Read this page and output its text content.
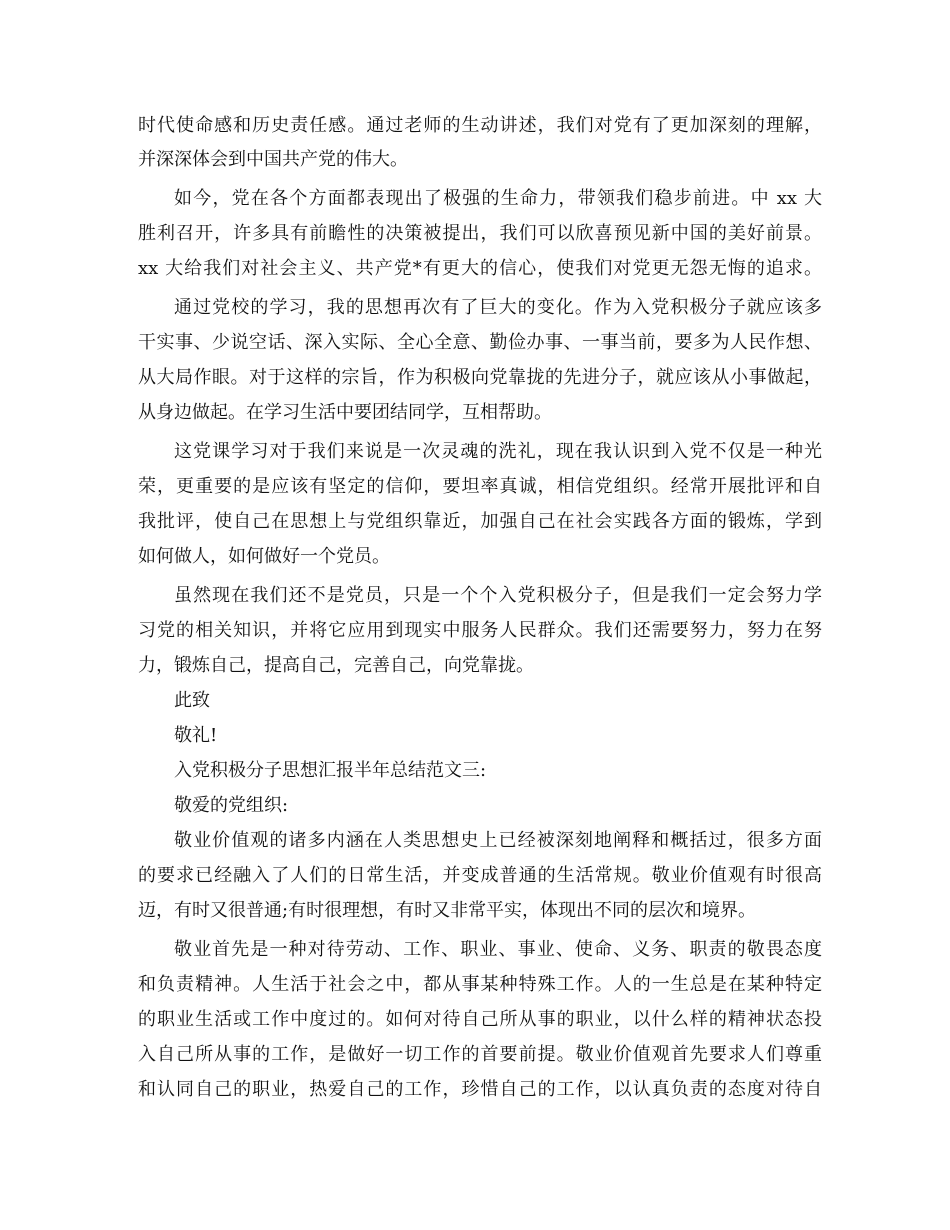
时代使命感和历史责任感。通过老师的生动讲述，我们对党有了更加深刻的理解，
并深深体会到中国共产党的伟大。
如今，党在各个方面都表现出了极强的生命力，带领我们稳步前进。中 xx 大
胜利召开，许多具有前瞻性的决策被提出，我们可以欣喜预见新中国的美好前景。
xx 大给我们对社会主义、共产党*有更大的信心，使我们对党更无怨无悔的追求。
通过党校的学习，我的思想再次有了巨大的变化。作为入党积极分子就应该多
干实事、少说空话、深入实际、全心全意、勤俭办事、一事当前，要多为人民作想、
从大局作眼。对于这样的宗旨，作为积极向党靠拢的先进分子，就应该从小事做起，
从身边做起。在学习生活中要团结同学，互相帮助。
这党课学习对于我们来说是一次灵魂的洗礼，现在我认识到入党不仅是一种光
荣，更重要的是应该有坚定的信仰，要坦率真诚，相信党组织。经常开展批评和自
我批评，使自己在思想上与党组织靠近，加强自己在社会实践各方面的锻炼，学到
如何做人，如何做好一个党员。
虽然现在我们还不是党员，只是一个个入党积极分子，但是我们一定会努力学
习党的相关知识，并将它应用到现实中服务人民群众。我们还需要努力，努力在努
力，锻炼自己，提高自己，完善自己，向党靠拢。
此致
敬礼!
入党积极分子思想汇报半年总结范文三:
敬爱的党组织:
敬业价值观的诸多内涵在人类思想史上已经被深刻地阐释和概括过，很多方面
的要求已经融入了人们的日常生活，并变成普通的生活常规。敬业价值观有时很高
迈，有时又很普通;有时很理想，有时又非常平实，体现出不同的层次和境界。
敬业首先是一种对待劳动、工作、职业、事业、使命、义务、职责的敬畏态度
和负责精神。人生活于社会之中，都从事某种特殊工作。人的一生总是在某种特定
的职业生活或工作中度过的。如何对待自己所从事的职业，以什么样的精神状态投
入自己所从事的工作，是做好一切工作的首要前提。敬业价值观首先要求人们尊重
和认同自己的职业，热爱自己的工作，珍惜自己的工作，以认真负责的态度对待自
